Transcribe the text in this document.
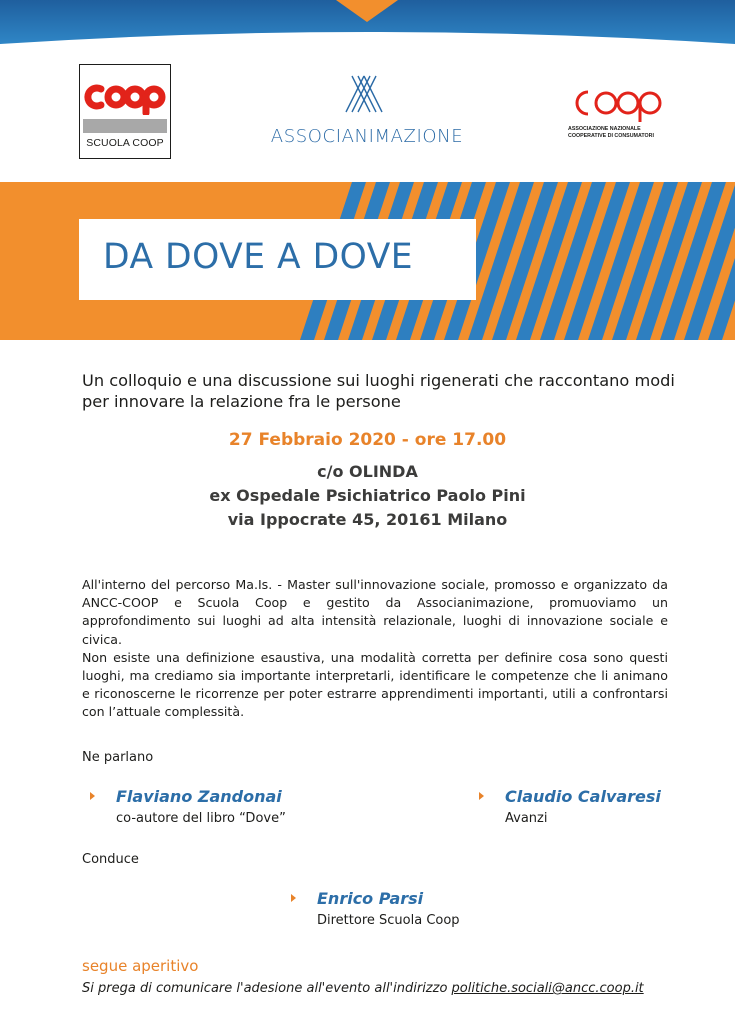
SCUOLA COOP	ASSOCIANIMAZIONE	ASSOCIAZIONE NAZIONALE
COOPERATIVE DI CONSUMATORI
DA DOVE A DOVE
Un colloquio e una discussione sui luoghi rigenerati che raccontano modi per innovare la relazione fra le persone
27 Febbraio 2020 - ore 17.00
c/o OLINDA
ex Ospedale Psichiatrico Paolo Pini
via Ippocrate 45, 20161 Milano

All'interno del percorso Ma.Is. - Master sull'innovazione sociale, promosso e organizzato da ANCC-COOP e Scuola Coop e gestito da Associanimazione, promuoviamo un approfondimento sui luoghi ad alta intensità relazionale, luoghi di innovazione sociale e civica.

Non esiste una definizione esaustiva, una modalità corretta per definire cosa sono questi luoghi, ma crediamo sia importante interpretarli, identificare le competenze che li animano e riconoscerne le ricorrenze per poter estrarre apprendimenti importanti, utili a confrontarsi con l’attuale complessità.

Ne parlano
Flaviano Zandonai
co-autore del libro “Dove”
Claudio Calvaresi
Avanzi
Conduce
Enrico Parsi
Direttore Scuola Coop
segue aperitivo
Si prega di comunicare l'adesione all'evento all'indirizzo politiche.sociali@ancc.coop.it
